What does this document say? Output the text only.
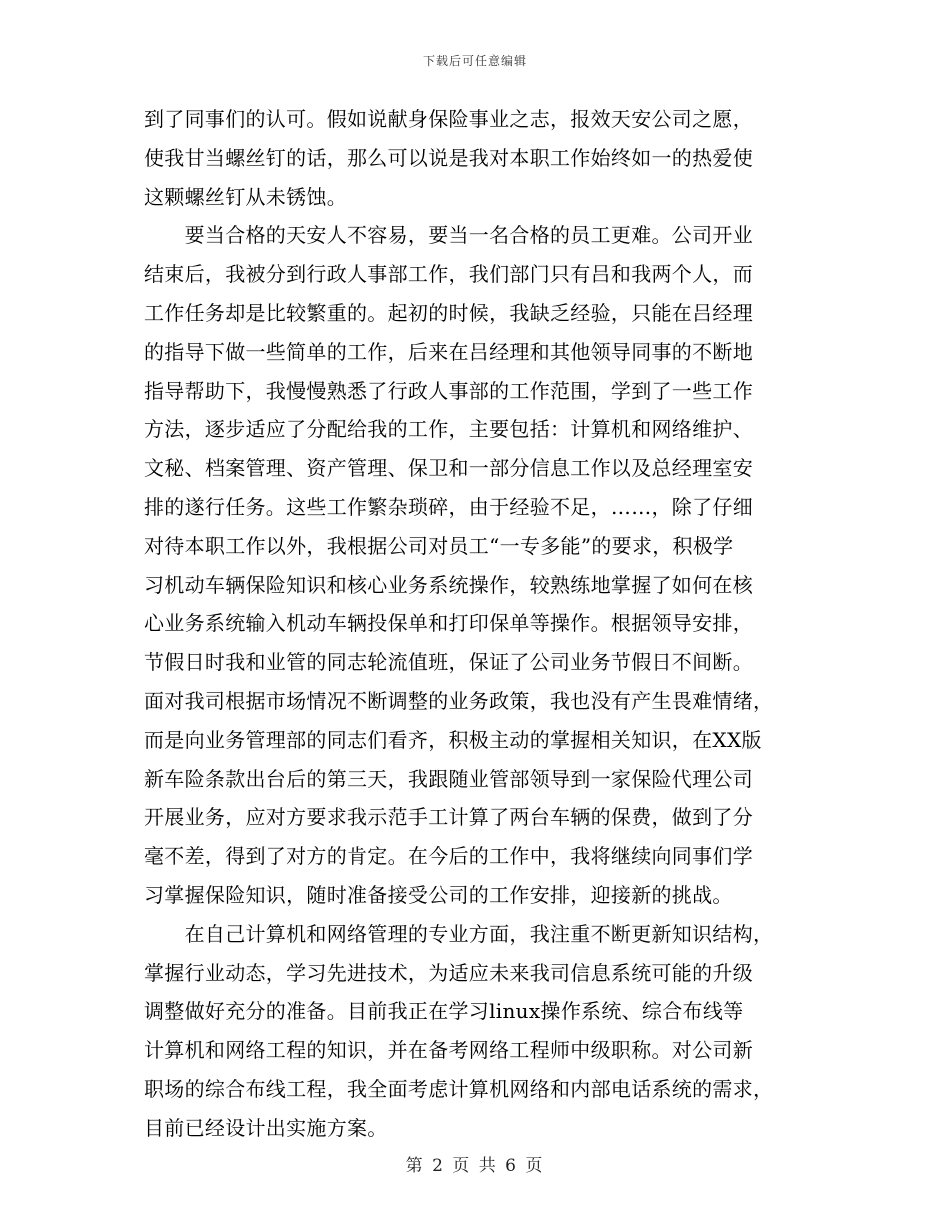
下载后可任意编辑
到了同事们的认可。假如说献身保险事业之志，报效天安公司之愿，
使我甘当螺丝钉的话，那么可以说是我对本职工作始终如一的热爱使
这颗螺丝钉从未锈蚀。
　　要当合格的天安人不容易，要当一名合格的员工更难。公司开业
结束后，我被分到行政人事部工作，我们部门只有吕和我两个人，而
工作任务却是比较繁重的。起初的时候，我缺乏经验，只能在吕经理
的指导下做一些简单的工作，后来在吕经理和其他领导同事的不断地
指导帮助下，我慢慢熟悉了行政人事部的工作范围，学到了一些工作
方法，逐步适应了分配给我的工作，主要包括：计算机和网络维护、
文秘、档案管理、资产管理、保卫和一部分信息工作以及总经理室安
排的遂行任务。这些工作繁杂琐碎，由于经验不足，……，除了仔细
对待本职工作以外，我根据公司对员工“一专多能”的要求，积极学
习机动车辆保险知识和核心业务系统操作，较熟练地掌握了如何在核
心业务系统输入机动车辆投保单和打印保单等操作。根据领导安排，
节假日时我和业管的同志轮流值班，保证了公司业务节假日不间断。
面对我司根据市场情况不断调整的业务政策，我也没有产生畏难情绪，
而是向业务管理部的同志们看齐，积极主动的掌握相关知识，在XX版
新车险条款出台后的第三天，我跟随业管部领导到一家保险代理公司
开展业务，应对方要求我示范手工计算了两台车辆的保费，做到了分
毫不差，得到了对方的肯定。在今后的工作中，我将继续向同事们学
习掌握保险知识，随时准备接受公司的工作安排，迎接新的挑战。
　　在自己计算机和网络管理的专业方面，我注重不断更新知识结构，
掌握行业动态，学习先进技术，为适应未来我司信息系统可能的升级
调整做好充分的准备。目前我正在学习linux操作系统、综合布线等
计算机和网络工程的知识，并在备考网络工程师中级职称。对公司新
职场的综合布线工程，我全面考虑计算机网络和内部电话系统的需求，
目前已经设计出实施方案。
第 2 页 共 6 页
